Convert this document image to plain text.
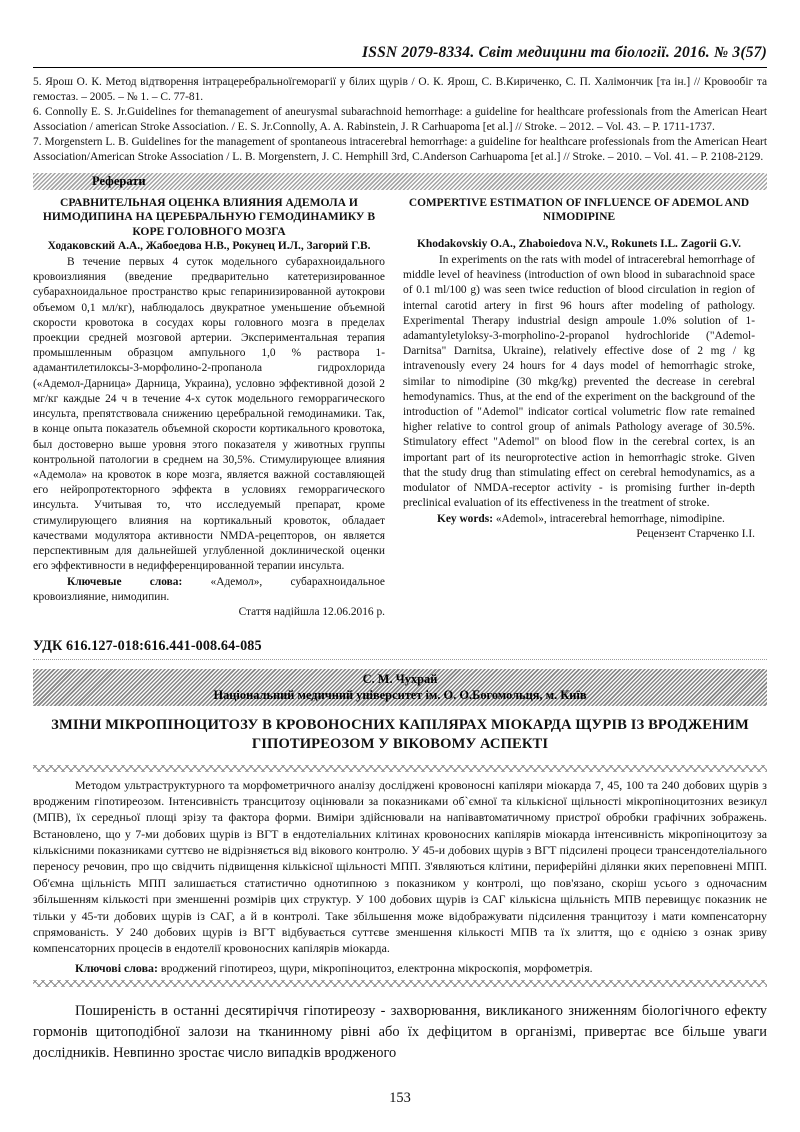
ISSN 2079-8334. Світ медицини та біології. 2016. № 3(57)

5. Ярош О. К. Метод відтворення інтрацеребральноїгеморагії у білих щурів / О. К. Ярош, С. В.Кириченко, С. П. Халімончик [та ін.] // Кровообіг та гемостаз. – 2005. – № 1. – С. 77-81.

6. Connolly E. S. Jr.Guidelines for themanagement of aneurysmal subarachnoid hemorrhage: a guideline for healthcare professionals from the American Heart Association / american Stroke Association. / E. S. Jr.Connolly, A. A. Rabinstein, J. R Carhuapoma [et al.] // Stroke. – 2012. – Vol. 43. – P. 1711-1737.

7. Morgenstern L. B. Guidelines for the management of spontaneous intracerebral hemorrhage: a guideline for healthcare professionals from the American Heart Association/American Stroke Association / L. B. Morgenstern, J. C. Hemphill 3rd, C.Anderson Carhuapoma [et al.] // Stroke. – 2010. – Vol. 41. – P. 2108-2129.

Реферати

СРАВНИТЕЛЬНАЯ ОЦЕНКА ВЛИЯНИЯ АДЕМОЛА И НИМОДИПИНА НА ЦЕРЕБРАЛЬНУЮ ГЕМОДИНАМИКУ В КОРЕ ГОЛОВНОГО МОЗГА

Ходаковский А.А., Жабоедова Н.В., Рокунец И.Л., Загорий Г.В.

В течение первых 4 суток модельного субарахноидального кровоизлияния (введение предварительно катетеризированное субарахноидальное пространство крыс гепаринизированной аутокрови объемом 0,1 мл/кг), наблюдалось двукратное уменьшение объемной скорости кровотока в сосудах коры головного мозга в пределах проекции средней мозговой артерии. Экспериментальная терапия промышленным образцом ампульного 1,0 % раствора 1-адамантилетилоксы-3-морфолино-2-пропанола гидрохлорида («Адемол-Дарница» Дарница, Украина), условно эффективной дозой 2 мг/кг каждые 24 ч в течение 4-х суток модельного геморрагического инсульта, препятствовала снижению церебральной гемодинамики. Так, в конце опыта показатель объемной скорости кортикального кровотока, был достоверно выше уровня этого показателя у животных группы контрольной патологии в среднем на 30,5%. Стимулирующее влияния «Адемола» на кровоток в коре мозга, является важной составляющей его нейропротекторного эффекта в условиях геморрагического инсульта. Учитывая то, что исследуемый препарат, кроме стимулирующего влияния на кортикальный кровоток, обладает качествами модулятора активности NMDA-рецепторов, он является перспективным для дальнейшей углубленной доклинической оценки его эффективности в недифференцированной терапии инсульта.

Ключевые слова: «Адемол», субарахноидальное кровоизлияние, нимодипин.

Стаття надійшла 12.06.2016 р.

COMPERTIVE ESTIMATION OF INFLUENCE OF ADEMOL AND NIMODIPINE

Khodakovskiy O.A., Zhaboiedova N.V., Rokunets I.L. Zagorii G.V.

In experiments on the rats with model of intracerebral hemorrhage of middle level of heaviness (introduction of own blood in subarachnoid space of 0.1 ml/100 g) was seen twice reduction of blood circulation in region of internal carotid artery in first 96 hours after modeling of pathology. Experimental Therapy industrial design ampoule 1.0% solution of 1-adamantyletyloksy-3-morpholino-2-propanol hydrochloride ("Ademol-Darnitsa" Darnitsa, Ukraine), relatively effective dose of 2 mg / kg intravenously every 24 hours for 4 days model of hemorrhagic stroke, similar to nimodipine (30 mkg/kg) prevented the decrease in cerebral hemodynamics. Thus, at the end of the experiment on the background of the introduction of "Ademol" indicator cortical volumetric flow rate remained higher relative to control group of animals Pathology average of 30.5%. Stimulatory effect "Ademol" on blood flow in the cerebral cortex, is an important part of its neuroprotective action in hemorrhagic stroke. Given that the study drug than stimulating effect on cerebral hemodynamics, as a modulator of NMDA-receptor activity - is promising further in-depth preclinical evaluation of its effectiveness in the treatment of stroke.

Key words: «Ademol», intracerebral hemorrhage, nimodipine.

Рецензент Старченко І.І.

УДК 616.127-018:616.441-008.64-085
С. М. Чухрай
Національний медичний університет ім. О. О.Богомольця, м. Київ
ЗМІНИ МІКРОПІНОЦИТОЗУ В КРОВОНОСНИХ КАПІЛЯРАХ МІОКАРДА ЩУРІВ ІЗ ВРОДЖЕНИМ ГІПОТИРЕОЗОМ У ВІКОВОМУ АСПЕКТІ

Методом ультраструктурного та морфометричного аналізу досліджені кровоносні капіляри міокарда 7, 45, 100 та 240 добових щурів з вродженим гіпотиреозом. Інтенсивність трансцитозу оцінювали за показниками об`ємної та кількісної щільності мікропіноцитозних везикул (МПВ), їх середньої площі зрізу та фактора форми. Виміри здійснювали на напівавтоматичному пристрої обробки графічних зображень. Встановлено, що у 7-ми добових щурів із ВГТ в ендотеліальних клітинах кровоносних капілярів міокарда інтенсивність мікропіноцитозу за кількісними показниками суттєво не відрізняється від вікового контролю. У 45-и добових щурів з ВГТ підсилені процеси трансендотеліального переносу речовин, про що свідчить підвищення кількісної щільності МПП. З'являються клітини, периферійні ділянки яких переповнені МПП. Об'ємна щільність МПП залишається статистично однотипною з показником у контролі, що пов'язано, скоріш усього з одночасним збільшенням кількості при зменшенні розмірів цих структур. У 100 добових щурів із САГ кількісна щільність МПВ перевищує показник не тільки у 45-ти добових щурів із САГ, а й в контролі. Таке збільшення може відображувати підсилення транцитозу і мати компенсаторну спрямованість. У 240 добових щурів із ВГТ відбувається суттєве зменшення кількості МПВ та їх злиття, що є однією з ознак зриву компенсаторних процесів в ендотелії кровоносних капілярів міокарда.

Ключові слова: вроджений гіпотиреоз, щури, мікропіноцитоз, електронна мікроскопія, морфометрія.

Поширеність в останні десятиріччя гіпотиреозу - захворювання, викликаного зниженням біологічного ефекту гормонів щитоподібної залози на тканинному рівні або їх дефіцитом в організмі, привертає все більше уваги дослідників. Невпинно зростає число випадків вродженого

153
